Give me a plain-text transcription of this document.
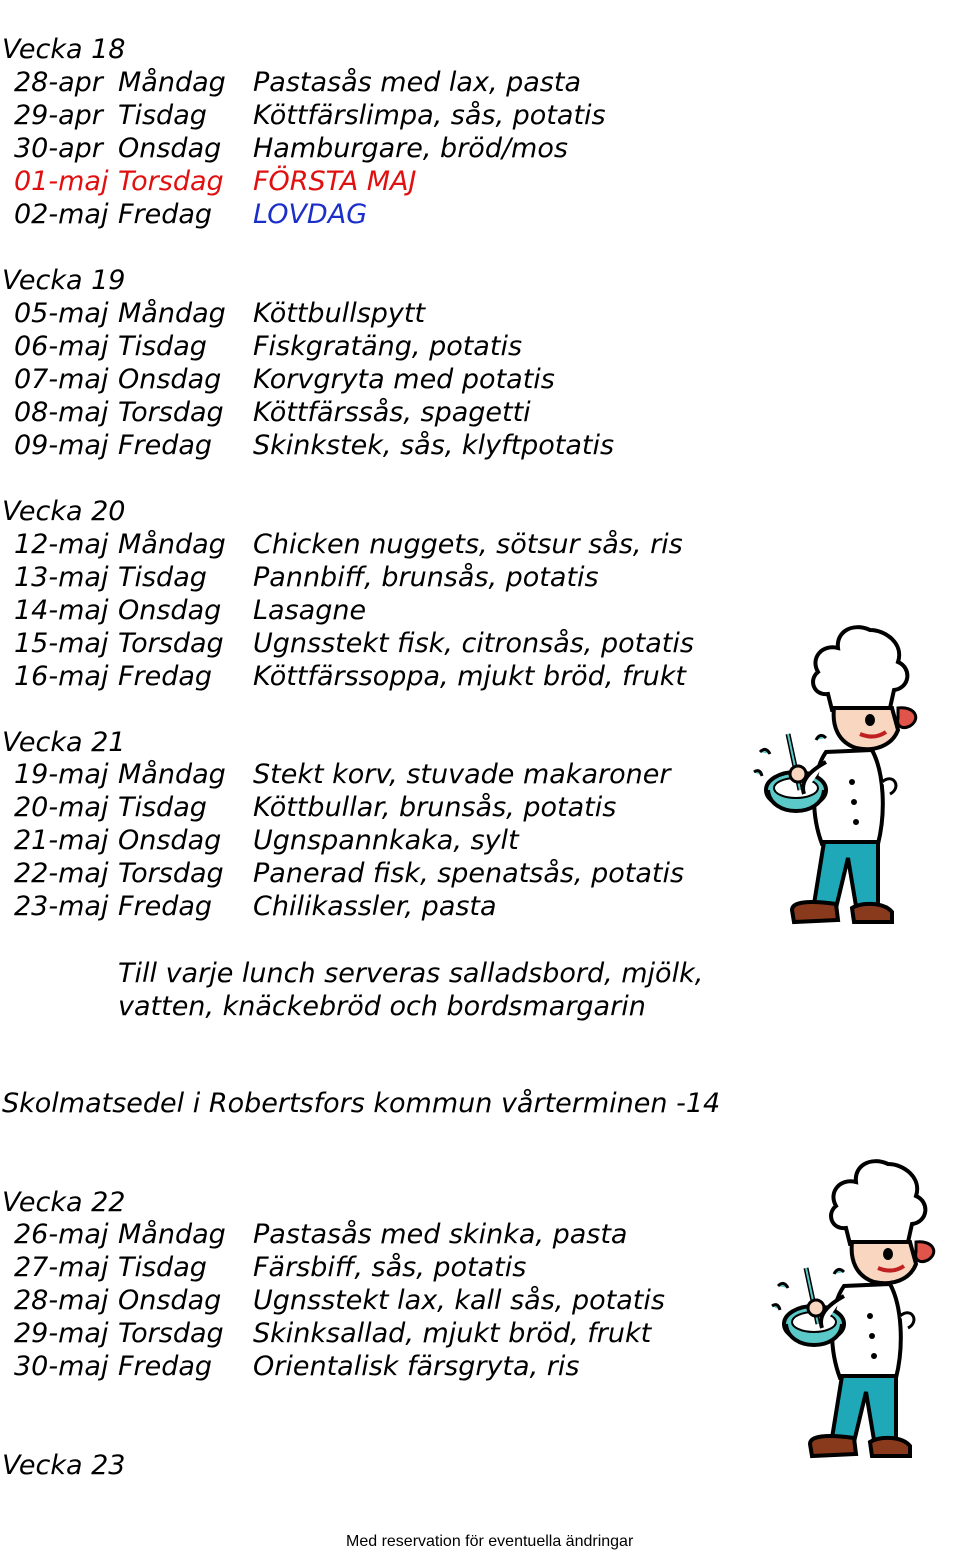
Vecka 18
28-apr Måndag Pastasås med lax, pasta
29-apr Tisdag Köttfärslimpa, sås, potatis
30-apr Onsdag Hamburgare, bröd/mos
01-maj Torsdag FÖRSTA MAJ
02-maj Fredag LOVDAG
Vecka 19
05-maj Måndag Köttbullspytt
06-maj Tisdag Fiskgratäng, potatis
07-maj Onsdag Korvgryta med potatis
08-maj Torsdag Köttfärssås, spagetti
09-maj Fredag Skinkstek, sås, klyftpotatis
Vecka 20
12-maj Måndag Chicken nuggets, sötsur sås, ris
13-maj Tisdag Pannbiff, brunsås, potatis
14-maj Onsdag Lasagne
15-maj Torsdag Ugnsstekt fisk, citronsås, potatis
16-maj Fredag Köttfärssoppa, mjukt bröd, frukt
Vecka 21
19-maj Måndag Stekt korv, stuvade makaroner
20-maj Tisdag Köttbullar, brunsås, potatis
21-maj Onsdag Ugnspannkaka, sylt
22-maj Torsdag Panerad fisk, spenatsås, potatis
23-maj Fredag Chilikassler, pasta
Till varje lunch serveras salladsbord, mjölk,
vatten, knäckebröd och bordsmargarin
Skolmatsedel i Robertsfors kommun vårterminen -14
Vecka 22
26-maj Måndag Pastasås med skinka, pasta
27-maj Tisdag Färsbiff, sås, potatis
28-maj Onsdag Ugnsstekt lax, kall sås, potatis
29-maj Torsdag Skinksallad, mjukt bröd, frukt
30-maj Fredag Orientalisk färsgryta, ris
Vecka 23
Med reservation för eventuella ändringar
